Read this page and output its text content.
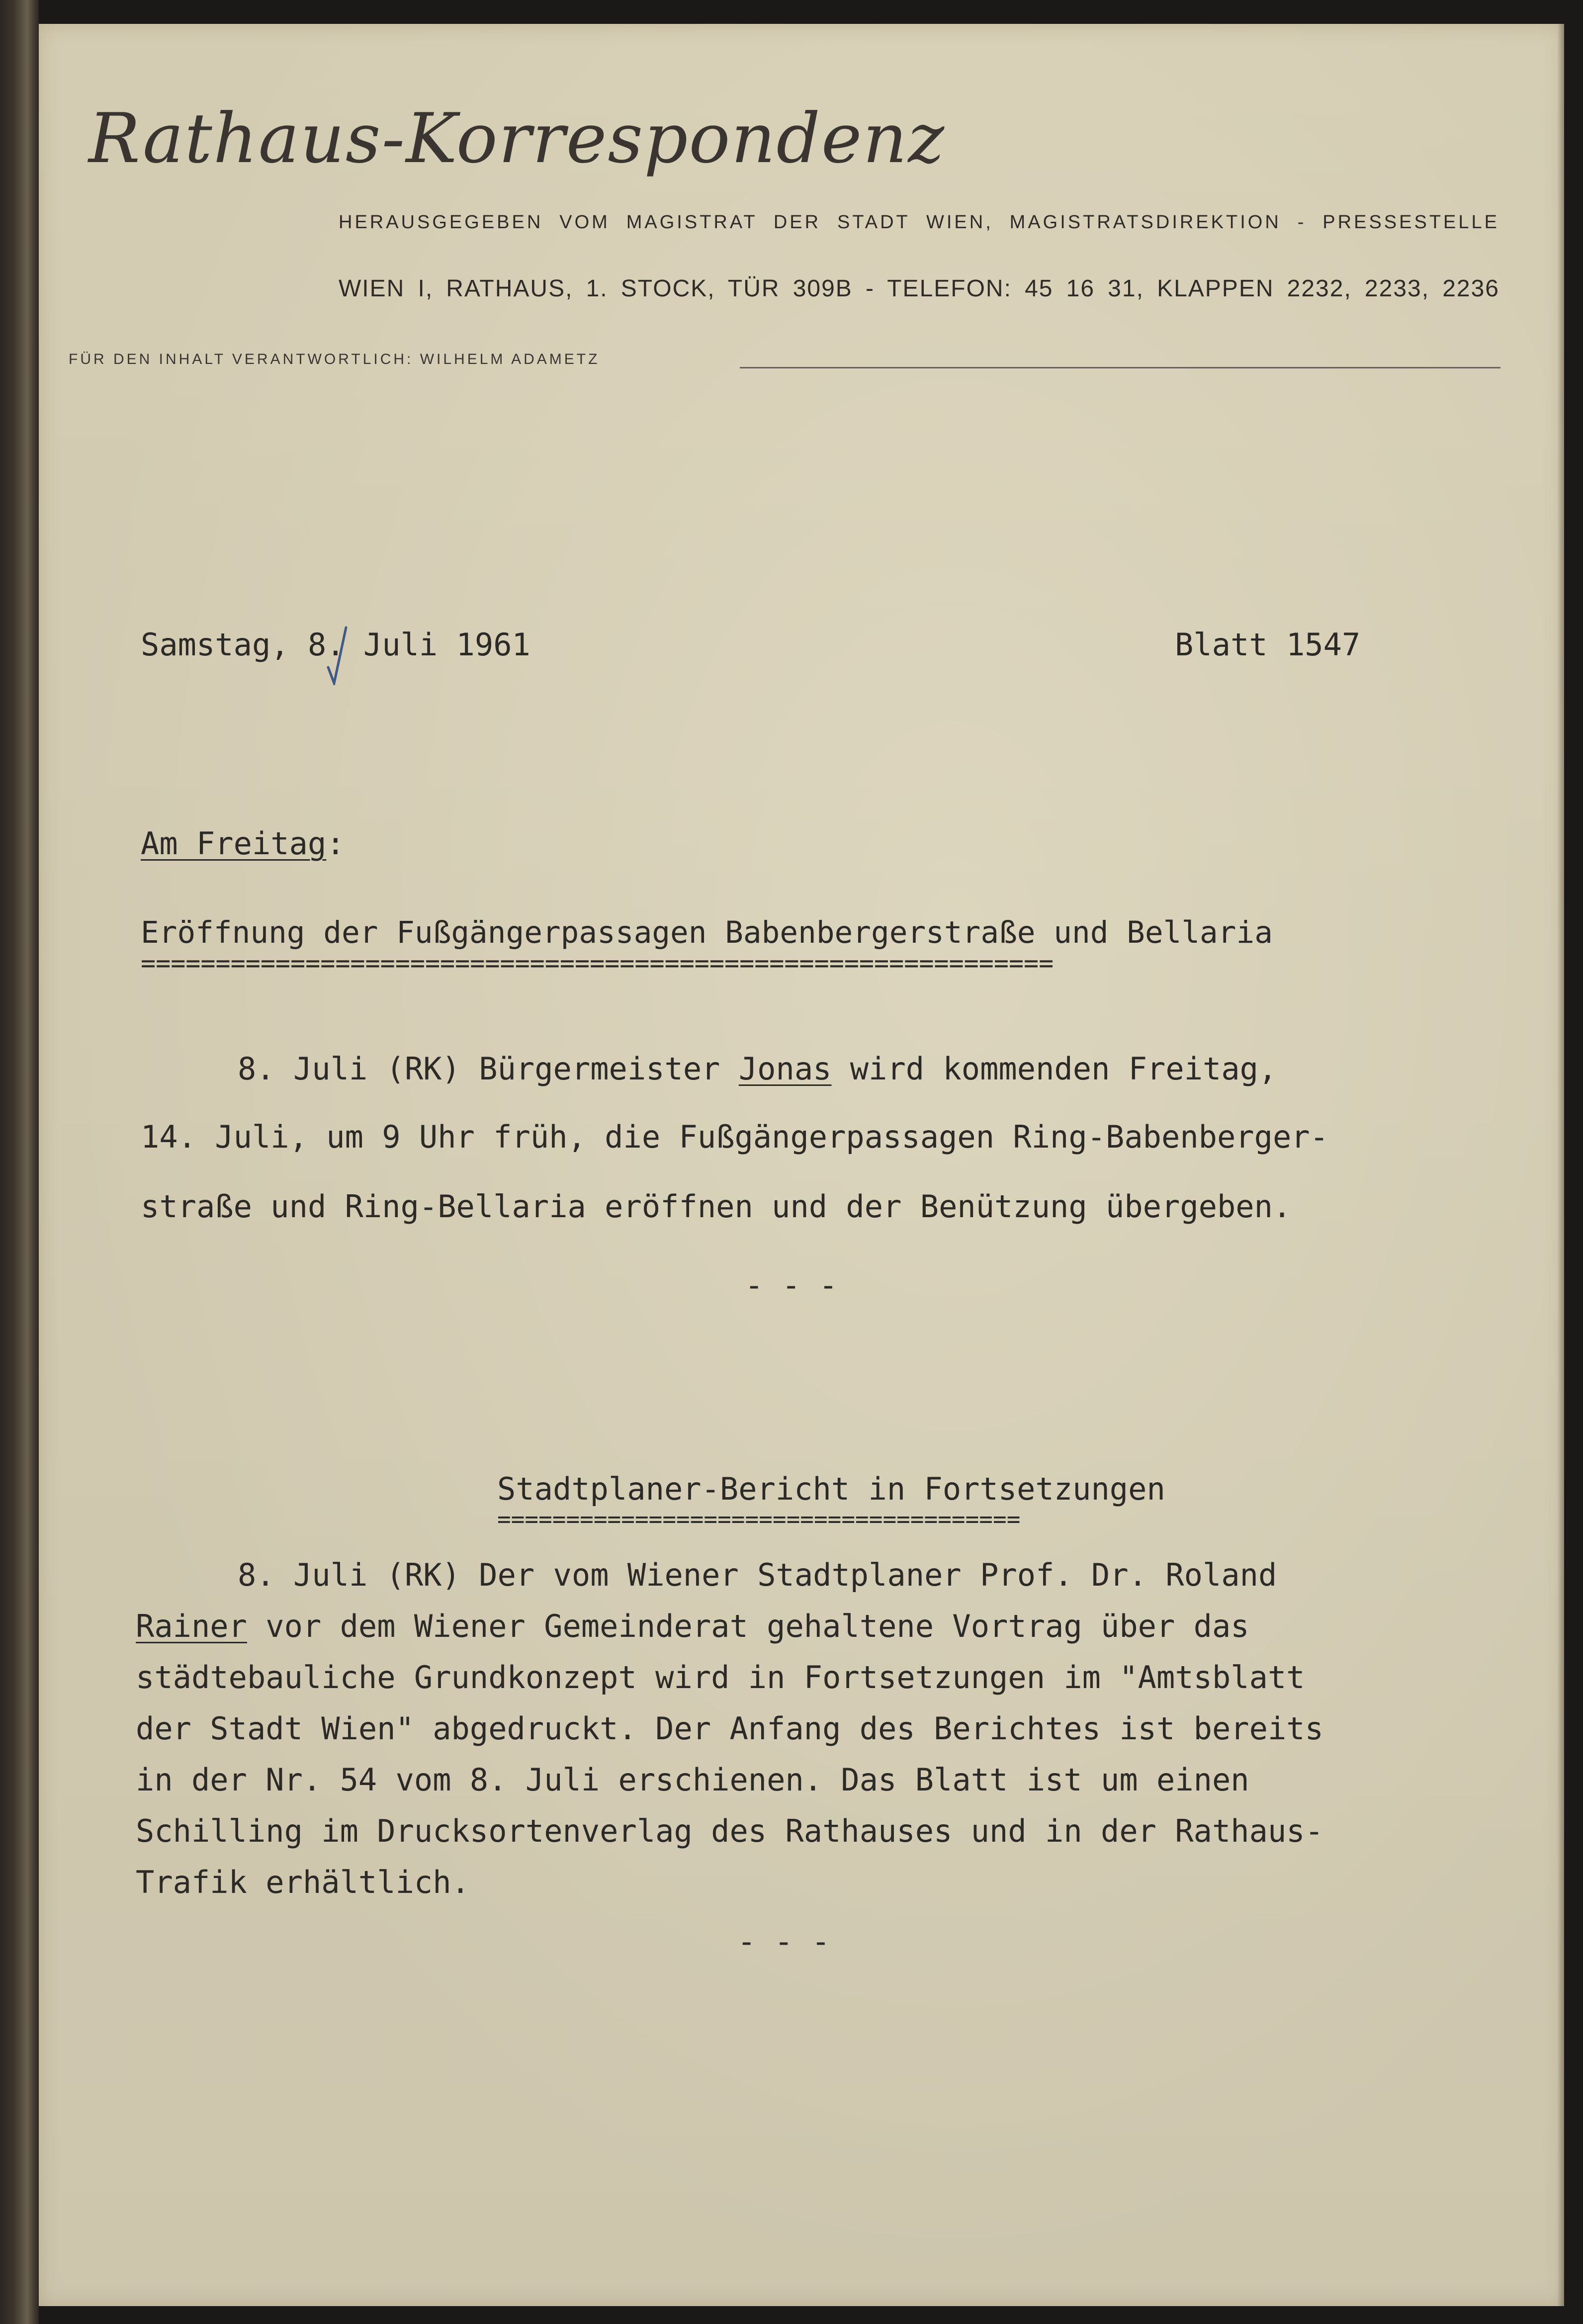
Rathaus-Korrespondenz
HERAUSGEGEBEN VOM MAGISTRAT DER STADT WIEN, MAGISTRATSDIREKTION - PRESSESTELLE
WIEN I, RATHAUS, 1. STOCK, TÜR 309B - TELEFON: 45 16 31, KLAPPEN 2232, 2233, 2236
FÜR DEN INHALT VERANTWORTLICH: WILHELM ADAMETZ
Samstag, 8. Juli 1961	Blatt 1547
Am Freitag:
Eröffnung der Fußgängerpassagen Babenbergerstraße und Bellaria
=============================================================
8. Juli (RK) Bürgermeister Jonas wird kommenden Freitag,
14. Juli, um 9 Uhr früh, die Fußgängerpassagen Ring-Babenberger-
straße und Ring-Bellaria eröffnen und der Benützung übergeben.
- - -
Stadtplaner-Bericht in Fortsetzungen
======================================
8. Juli (RK) Der vom Wiener Stadtplaner Prof. Dr. Roland
Rainer vor dem Wiener Gemeinderat gehaltene Vortrag über das
städtebauliche Grundkonzept wird in Fortsetzungen im "Amtsblatt
der Stadt Wien" abgedruckt. Der Anfang des Berichtes ist bereits
in der Nr. 54 vom 8. Juli erschienen. Das Blatt ist um einen
Schilling im Drucksortenverlag des Rathauses und in der Rathaus-
Trafik erhältlich.
- - -
